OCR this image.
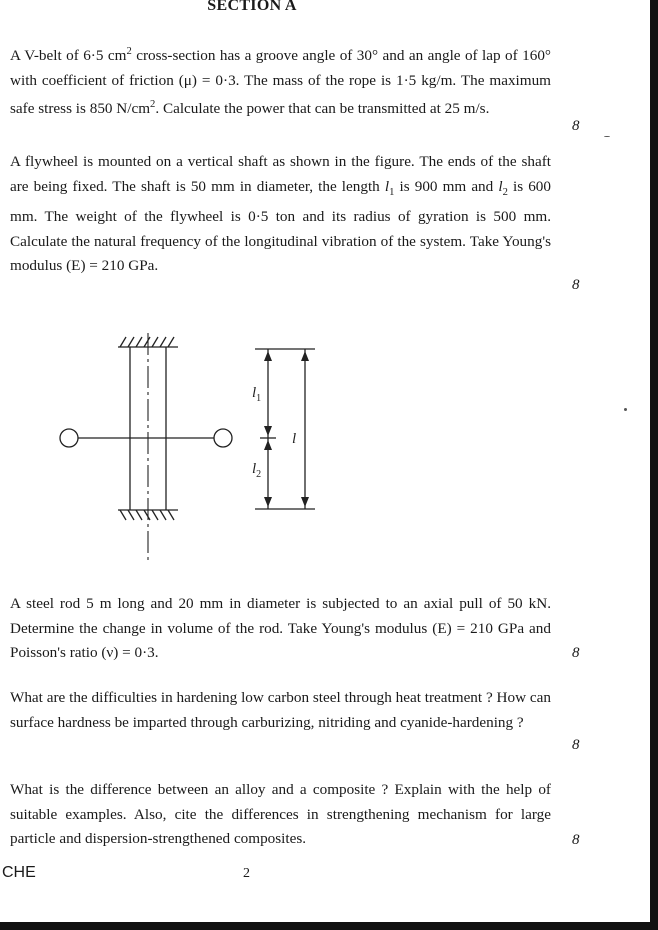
SECTION A
A V-belt of 6·5 $cm^2$ cross-section has a groove angle of 30° and an angle of lap of 160° with coefficient of friction (μ) = 0·3. The mass of the rope is 1·5 kg/m. The maximum safe stress is 850 $N/cm^2$. Calculate the power that can be transmitted at 25 m/s.
8
A flywheel is mounted on a vertical shaft as shown in the figure. The ends of the shaft are being fixed. The shaft is 50 mm in diameter, the length $l_1$ is 900 mm and $l_2$ is 600 mm. The weight of the flywheel is 0·5 ton and its radius of gyration is 500 mm. Calculate the natural frequency of the longitudinal vibration of the system. Take Young's modulus (E) = 210 GPa.
8
$l_1$
$l_2$
l
A steel rod 5 m long and 20 mm in diameter is subjected to an axial pull of 50 kN. Determine the change in volume of the rod. Take Young's modulus (E) = 210 GPa and Poisson's ratio (ν) = 0·3.	8
What are the difficulties in hardening low carbon steel through heat treatment ? How can surface hardness be imparted through carburizing, nitriding and cyanide-hardening ?
8
What is the difference between an alloy and a composite ? Explain with the help of suitable examples. Also, cite the differences in strengthening mechanism for large particle and dispersion-strengthened composites.	8
CHE	2
